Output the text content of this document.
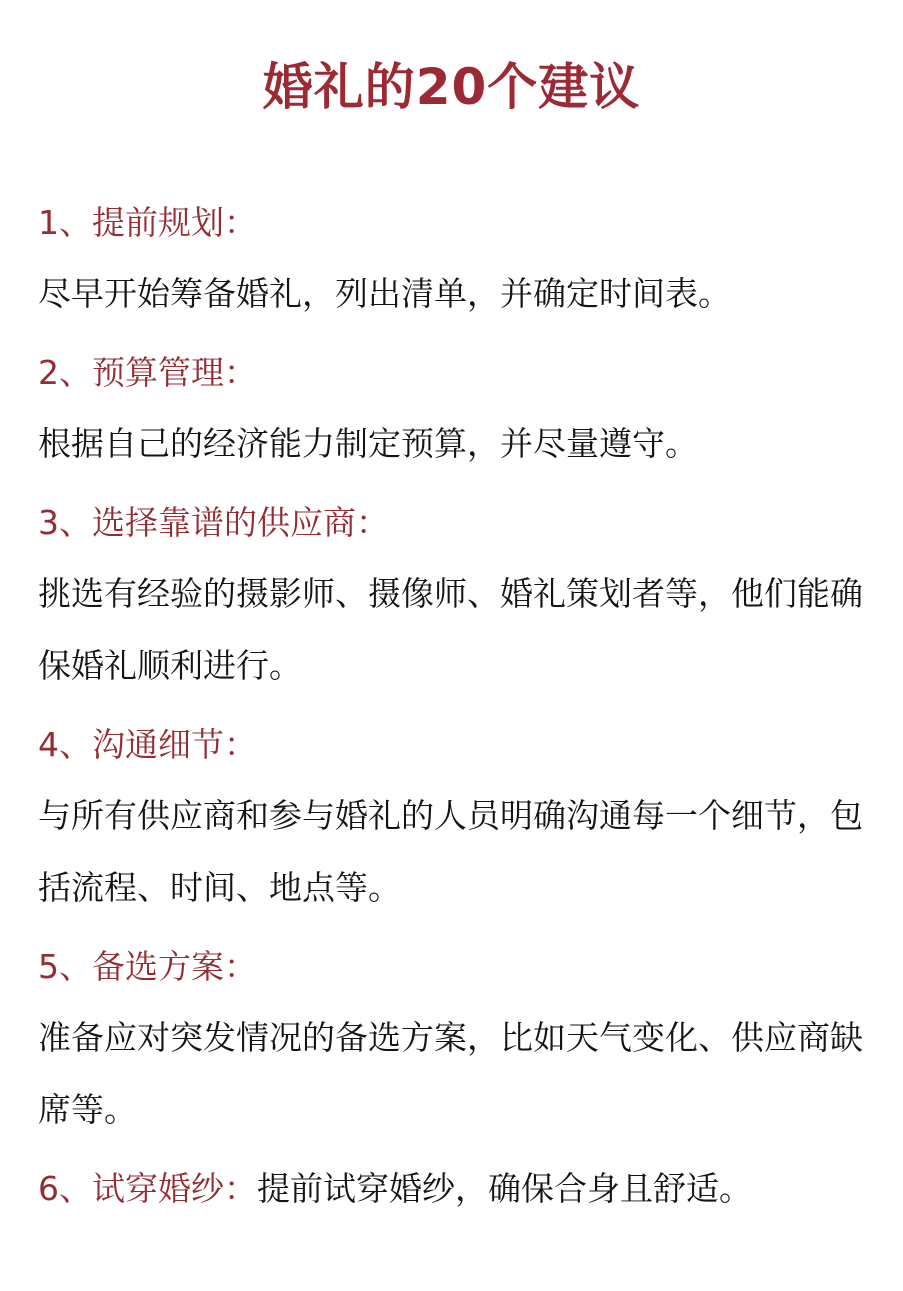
婚礼的20个建议
1、提前规划：
尽早开始筹备婚礼，列出清单，并确定时间表。
2、预算管理：
根据自己的经济能力制定预算，并尽量遵守。
3、选择靠谱的供应商：
挑选有经验的摄影师、摄像师、婚礼策划者等，他们能确保婚礼顺利进行。
4、沟通细节：
与所有供应商和参与婚礼的人员明确沟通每一个细节，包括流程、时间、地点等。
5、备选方案：
准备应对突发情况的备选方案，比如天气变化、供应商缺席等。
6、试穿婚纱：提前试穿婚纱，确保合身且舒适。
